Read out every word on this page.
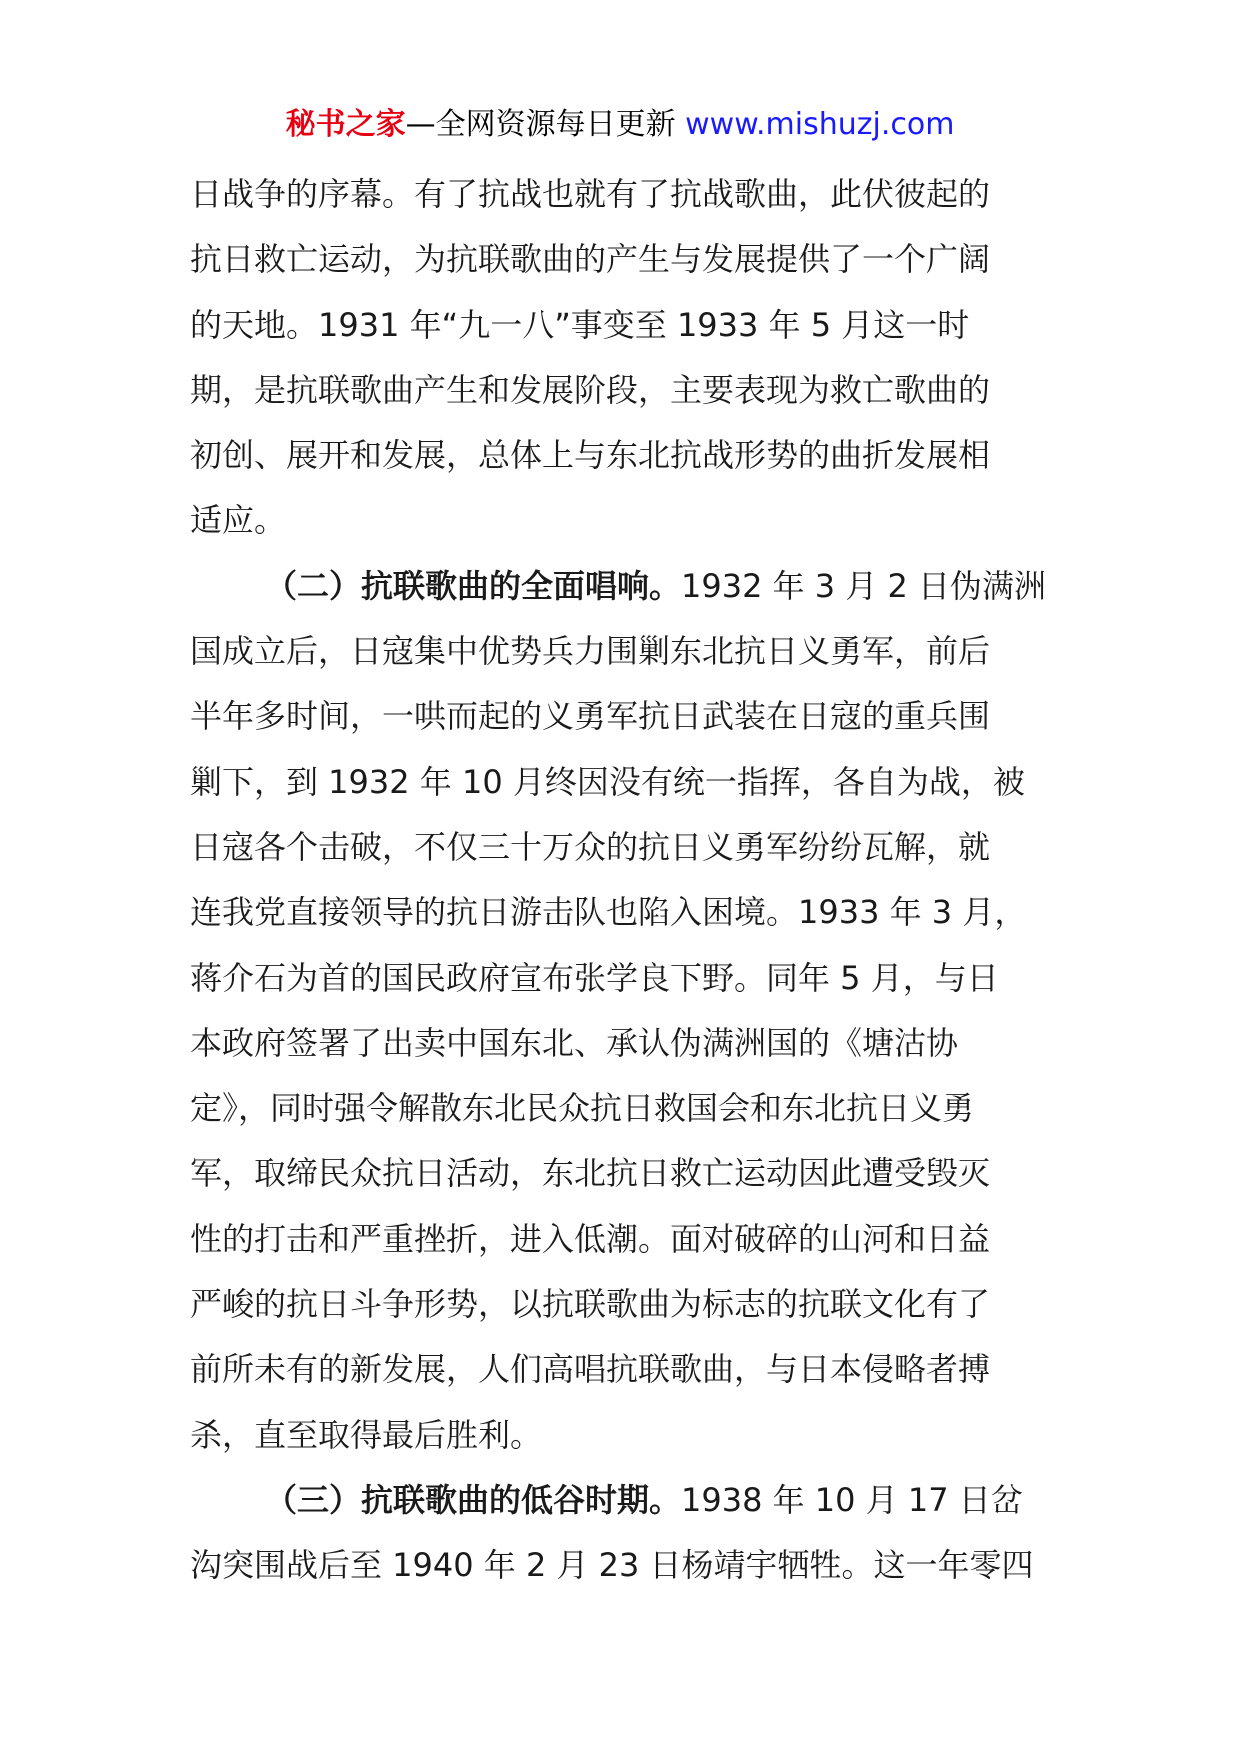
秘书之家—全网资源每日更新 www.mishuzj.com
日战争的序幕。有了抗战也就有了抗战歌曲，此伏彼起的
抗日救亡运动，为抗联歌曲的产生与发展提供了一个广阔
的天地。1931 年“九一八”事变至 1933 年 5 月这一时
期，是抗联歌曲产生和发展阶段，主要表现为救亡歌曲的
初创、展开和发展，总体上与东北抗战形势的曲折发展相
适应。
（二）抗联歌曲的全面唱响。1932 年 3 月 2 日伪满洲
国成立后，日寇集中优势兵力围剿东北抗日义勇军，前后
半年多时间，一哄而起的义勇军抗日武装在日寇的重兵围
剿下，到 1932 年 10 月终因没有统一指挥，各自为战，被
日寇各个击破，不仅三十万众的抗日义勇军纷纷瓦解，就
连我党直接领导的抗日游击队也陷入困境。1933 年 3 月，
蒋介石为首的国民政府宣布张学良下野。同年 5 月，与日
本政府签署了出卖中国东北、承认伪满洲国的《塘沽协
定》，同时强令解散东北民众抗日救国会和东北抗日义勇
军，取缔民众抗日活动，东北抗日救亡运动因此遭受毁灭
性的打击和严重挫折，进入低潮。面对破碎的山河和日益
严峻的抗日斗争形势，以抗联歌曲为标志的抗联文化有了
前所未有的新发展，人们高唱抗联歌曲，与日本侵略者搏
杀，直至取得最后胜利。
（三）抗联歌曲的低谷时期。1938 年 10 月 17 日岔
沟突围战后至 1940 年 2 月 23 日杨靖宇牺牲。这一年零四
